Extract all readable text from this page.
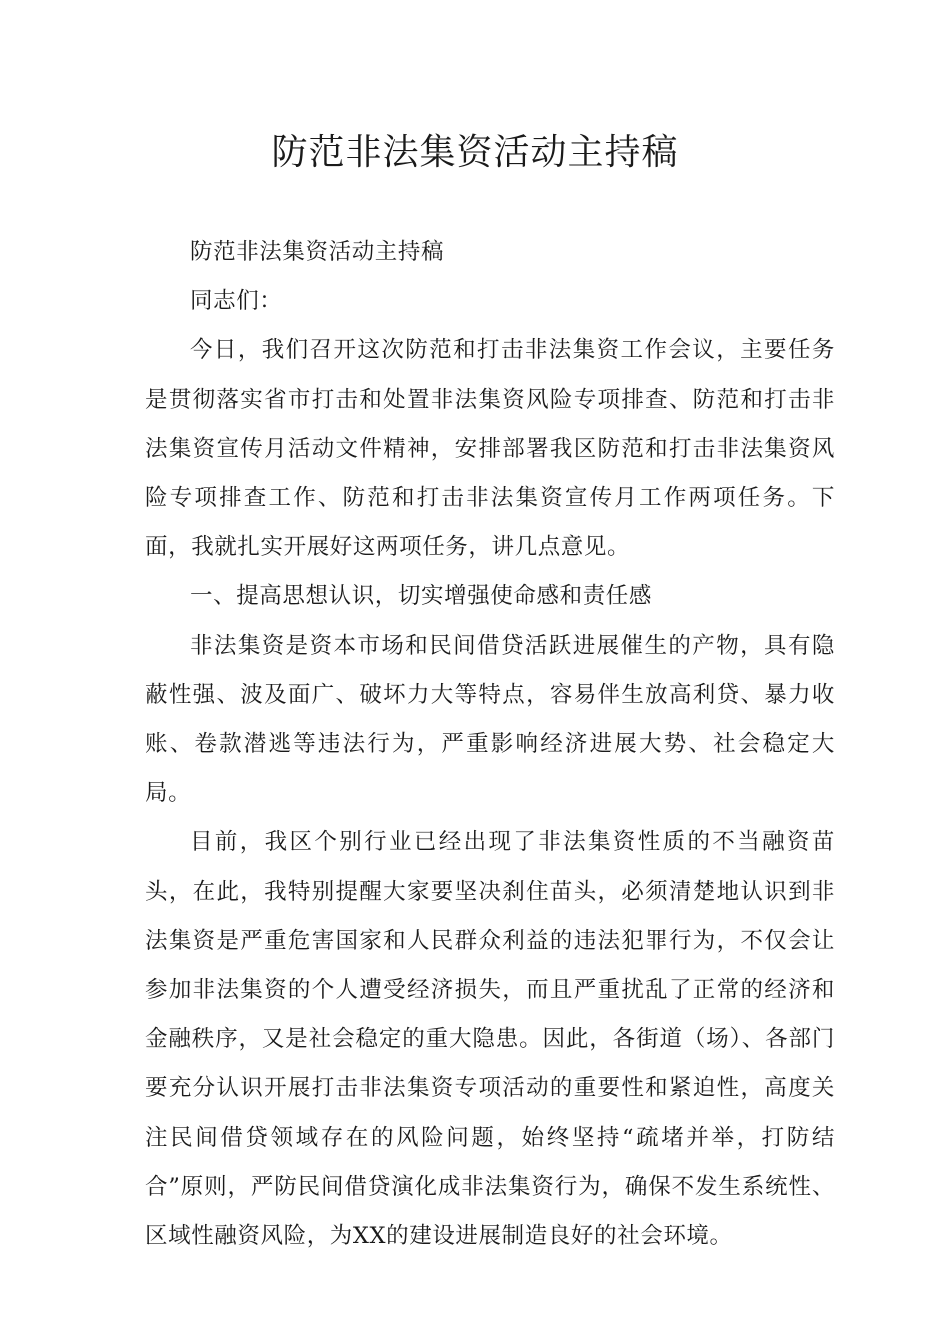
防范非法集资活动主持稿

防范非法集资活动主持稿

同志们：

今日，我们召开这次防范和打击非法集资工作会议，主要任务是贯彻落实省市打击和处置非法集资风险专项排查、防范和打击非法集资宣传月活动文件精神，安排部署我区防范和打击非法集资风险专项排查工作、防范和打击非法集资宣传月工作两项任务。下面，我就扎实开展好这两项任务，讲几点意见。

一、提高思想认识，切实增强使命感和责任感

非法集资是资本市场和民间借贷活跃进展催生的产物，具有隐蔽性强、波及面广、破坏力大等特点，容易伴生放高利贷、暴力收账、卷款潜逃等违法行为，严重影响经济进展大势、社会稳定大局。

目前，我区个别行业已经出现了非法集资性质的不当融资苗头，在此，我特别提醒大家要坚决刹住苗头，必须清楚地认识到非法集资是严重危害国家和人民群众利益的违法犯罪行为，不仅会让参加非法集资的个人遭受经济损失，而且严重扰乱了正常的经济和金融秩序，又是社会稳定的重大隐患。因此，各街道（场）、各部门要充分认识开展打击非法集资专项活动的重要性和紧迫性，高度关注民间借贷领域存在的风险问题，始终坚持“疏堵并举，打防结合”原则，严防民间借贷演化成非法集资行为，确保不发生系统性、区域性融资风险，为XX的建设进展制造良好的社会环境。
